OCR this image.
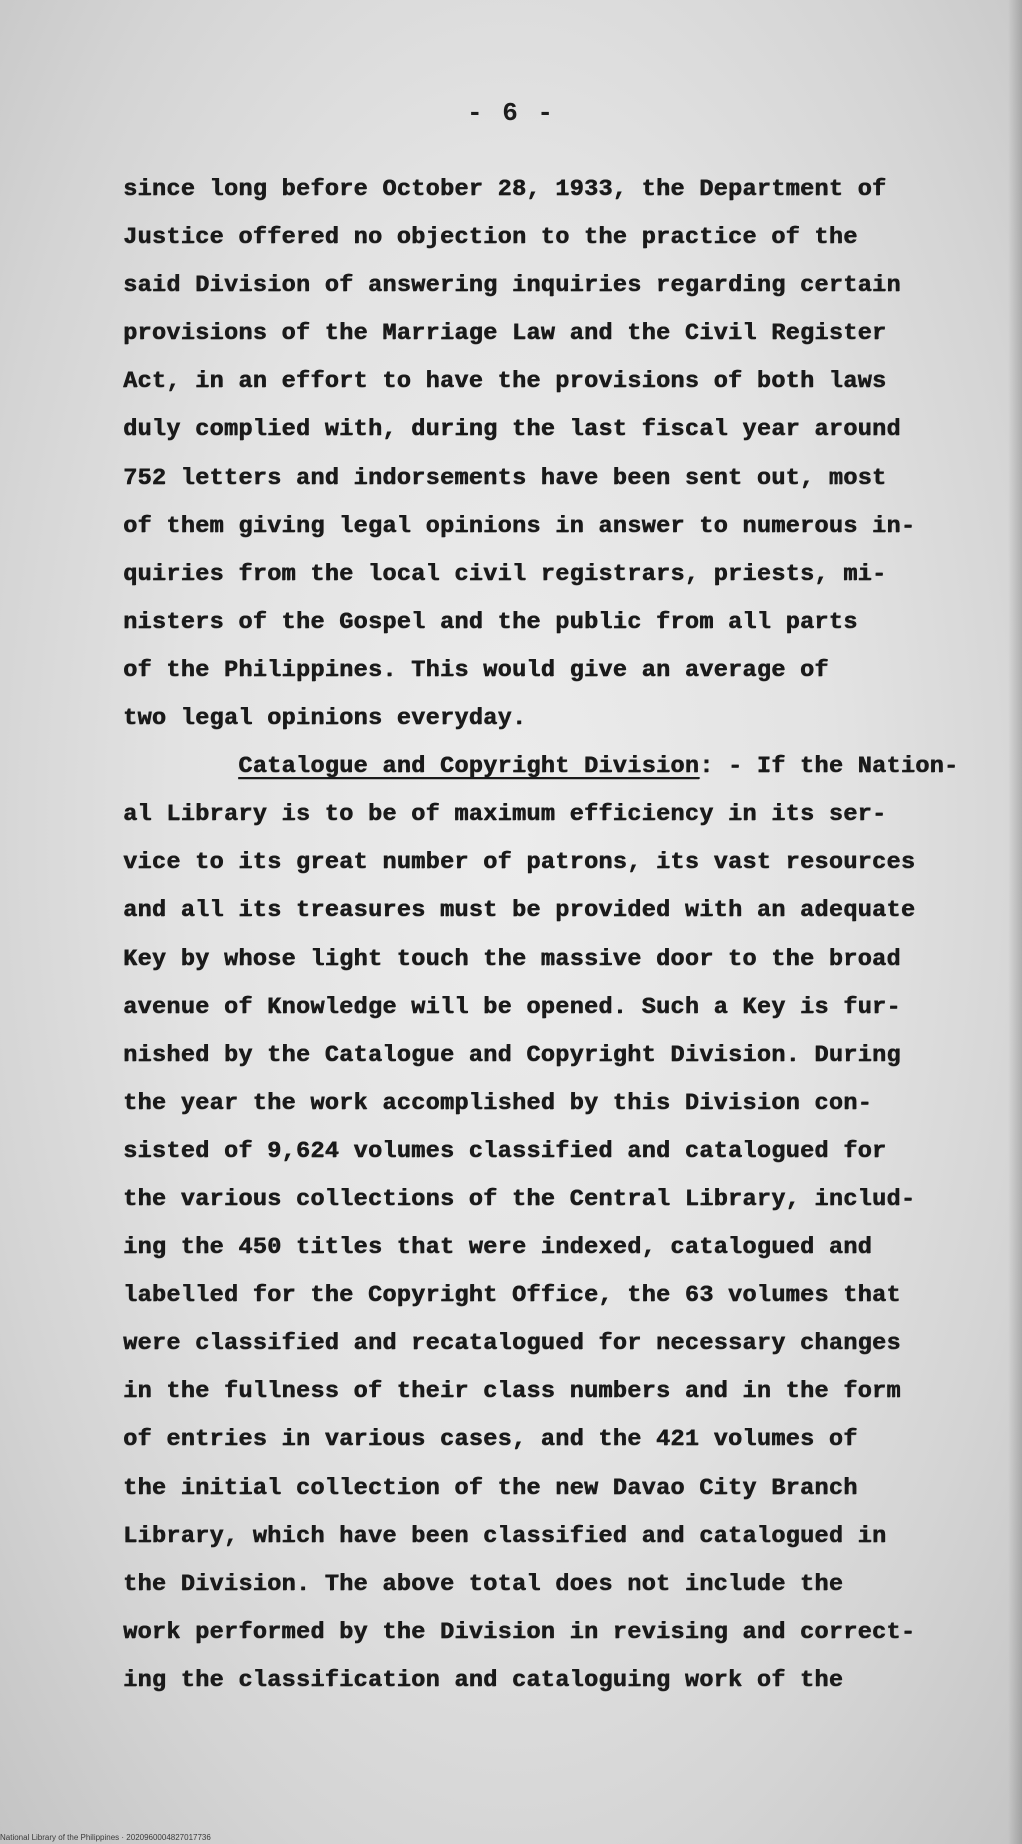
- 6 -
since long before October 28, 1933, the Department of
Justice offered no objection to the practice of the
said Division of answering inquiries regarding certain
provisions of the Marriage Law and the Civil Register
Act, in an effort to have the provisions of both laws
duly complied with, during the last fiscal year around
752 letters and indorsements have been sent out, most
of them giving legal opinions in answer to numerous in-
quiries from the local civil registrars, priests, mi-
nisters of the Gospel and the public from all parts
of the Philippines. This would give an average of
two legal opinions everyday.
Catalogue and Copyright Division: - If the Nation-
al Library is to be of maximum efficiency in its ser-
vice to its great number of patrons, its vast resources
and all its treasures must be provided with an adequate
Key by whose light touch the massive door to the broad
avenue of Knowledge will be opened. Such a Key is fur-
nished by the Catalogue and Copyright Division. During
the year the work accomplished by this Division con-
sisted of 9,624 volumes classified and catalogued for
the various collections of the Central Library, includ-
ing the 450 titles that were indexed, catalogued and
labelled for the Copyright Office, the 63 volumes that
were classified and recatalogued for necessary changes
in the fullness of their class numbers and in the form
of entries in various cases, and the 421 volumes of
the initial collection of the new Davao City Branch
Library, which have been classified and catalogued in
the Division. The above total does not include the
work performed by the Division in revising and correct-
ing the classification and cataloguing work of the
National Library of the Philippines · 2020960004827017736
